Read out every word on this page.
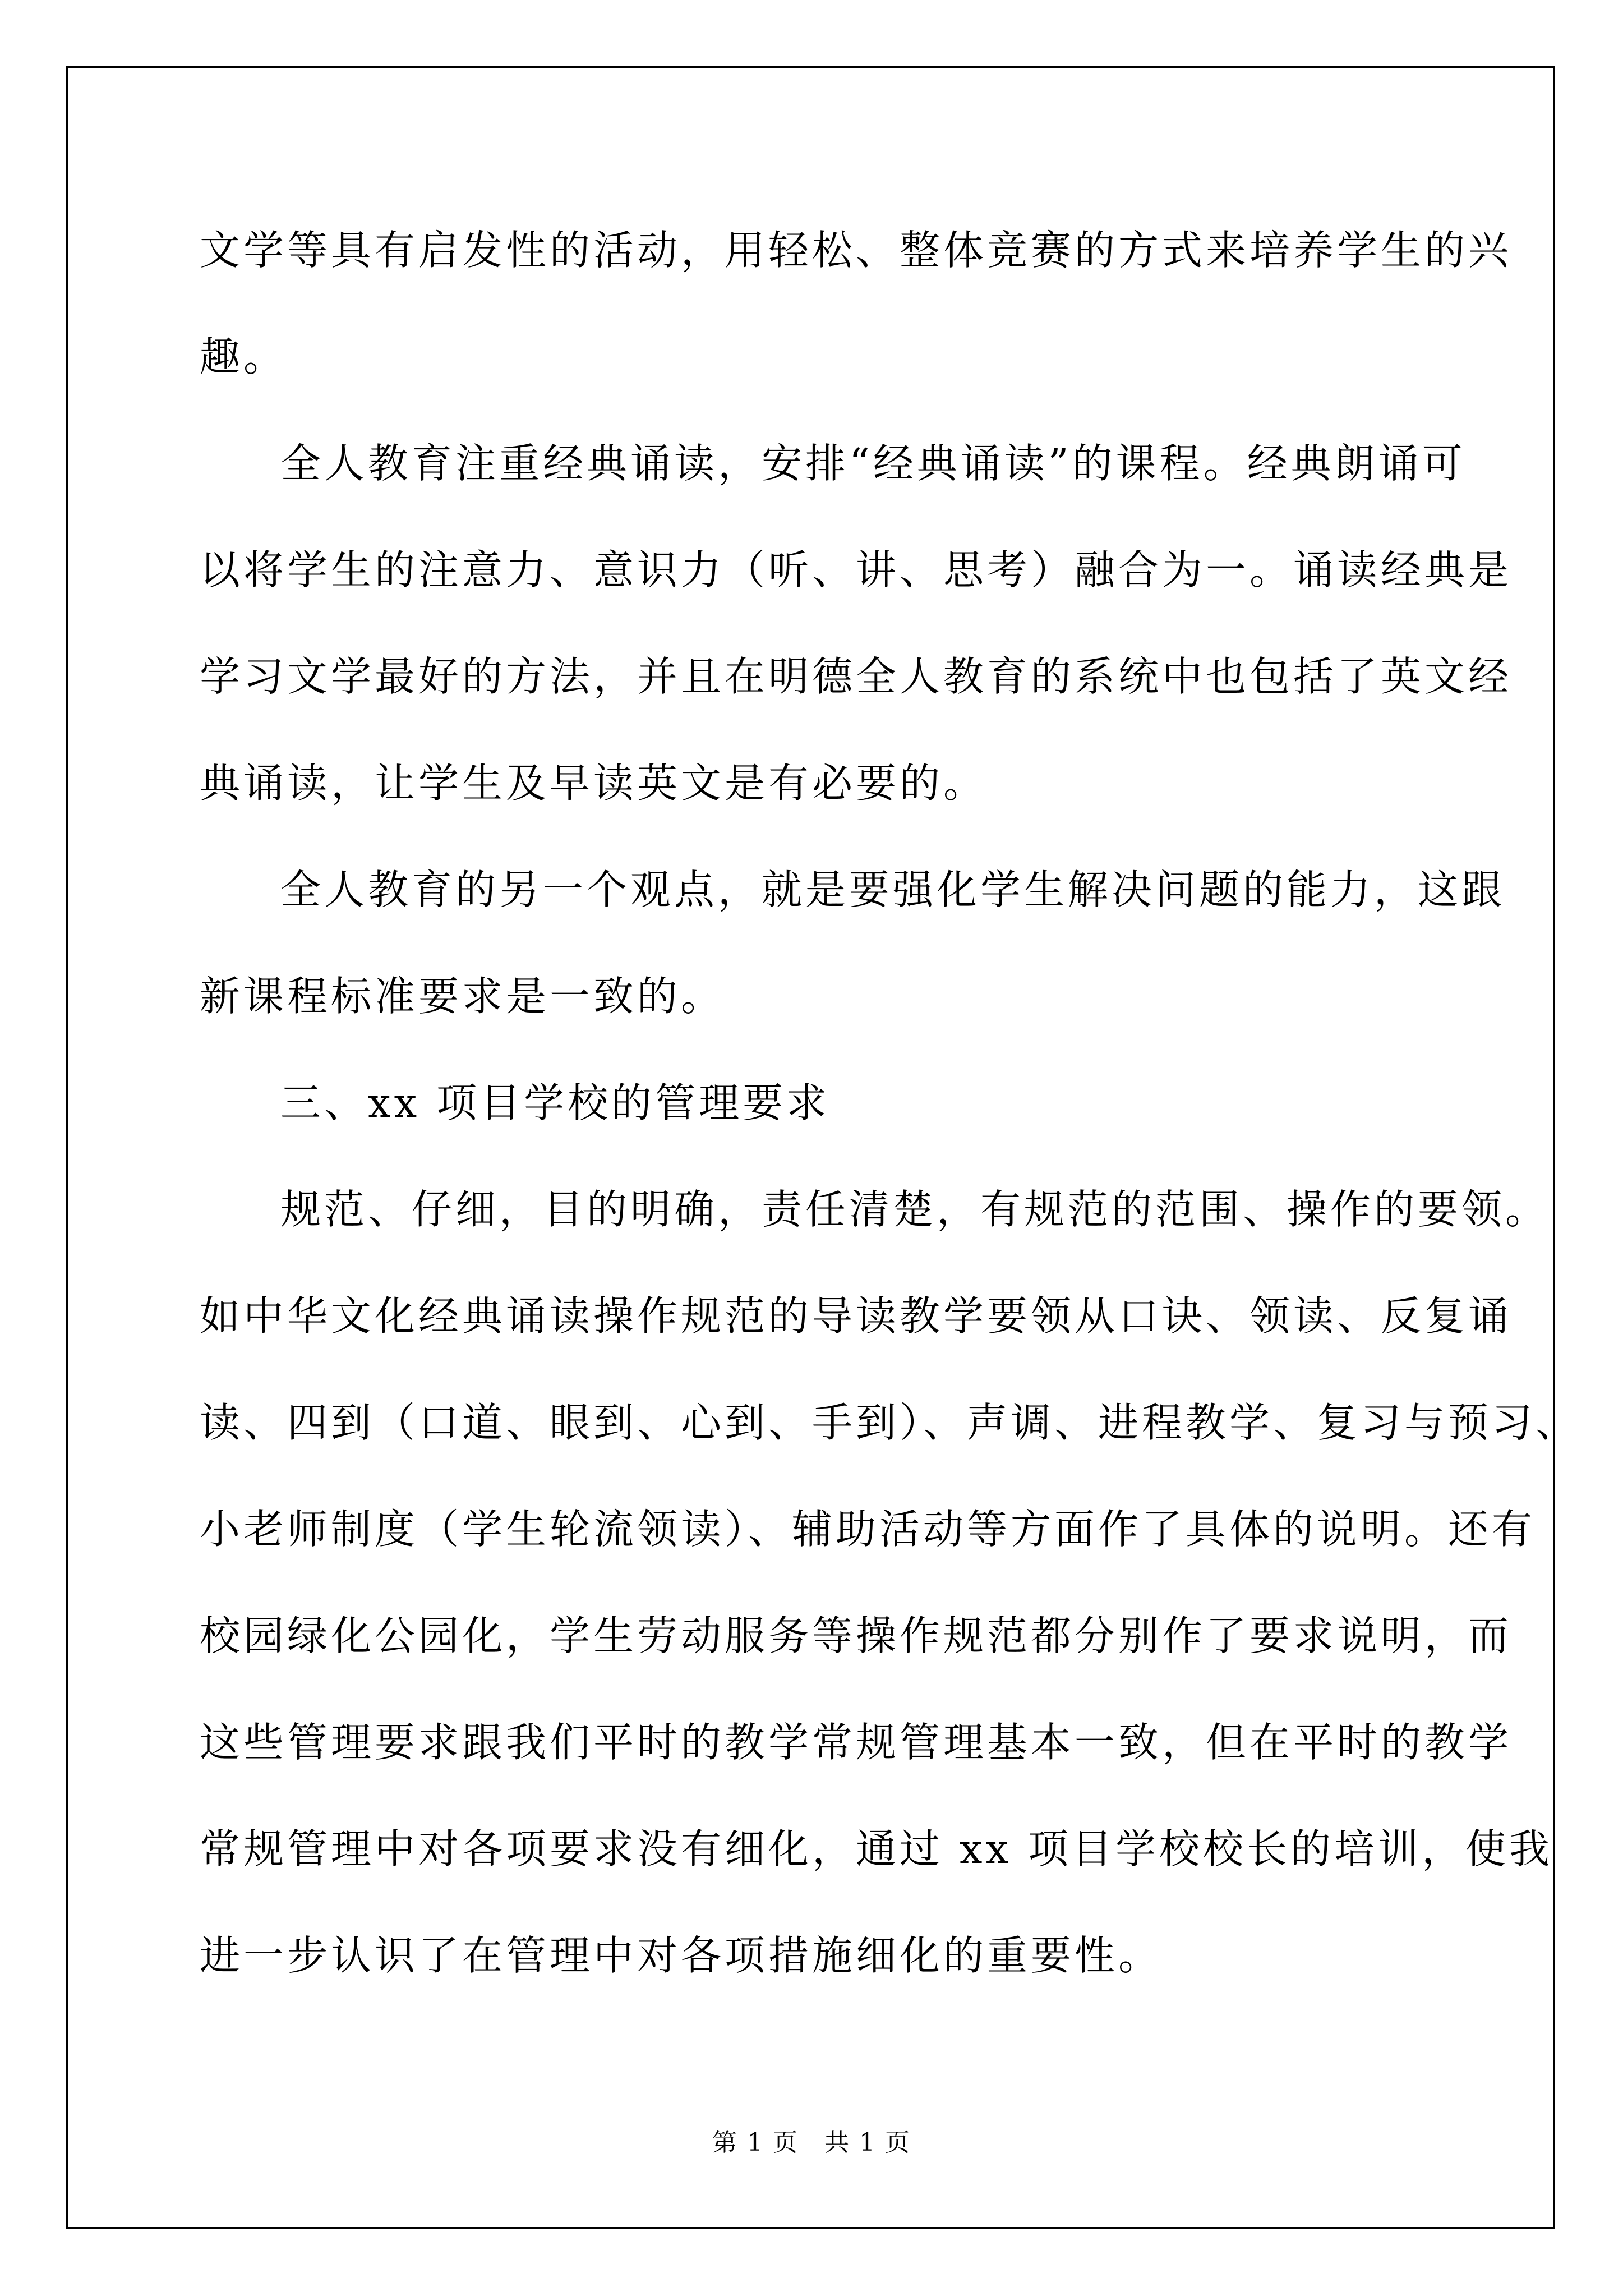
文学等具有启发性的活动，用轻松、整体竞赛的方式来培养学生的兴
趣。
全人教育注重经典诵读，安排“经典诵读”的课程。经典朗诵可
以将学生的注意力、意识力（听、讲、思考）融合为一。诵读经典是
学习文学最好的方法，并且在明德全人教育的系统中也包括了英文经
典诵读，让学生及早读英文是有必要的。
全人教育的另一个观点，就是要强化学生解决问题的能力，这跟
新课程标准要求是一致的。
三、xx 项目学校的管理要求
规范、仔细，目的明确，责任清楚，有规范的范围、操作的要领。
如中华文化经典诵读操作规范的导读教学要领从口诀、领读、反复诵
读、四到（口道、眼到、心到、手到）、声调、进程教学、复习与预习、
小老师制度（学生轮流领读）、辅助活动等方面作了具体的说明。还有
校园绿化公园化，学生劳动服务等操作规范都分别作了要求说明，而
这些管理要求跟我们平时的教学常规管理基本一致，但在平时的教学
常规管理中对各项要求没有细化，通过 xx 项目学校校长的培训，使我
进一步认识了在管理中对各项措施细化的重要性。
第 1 页　共 1 页
